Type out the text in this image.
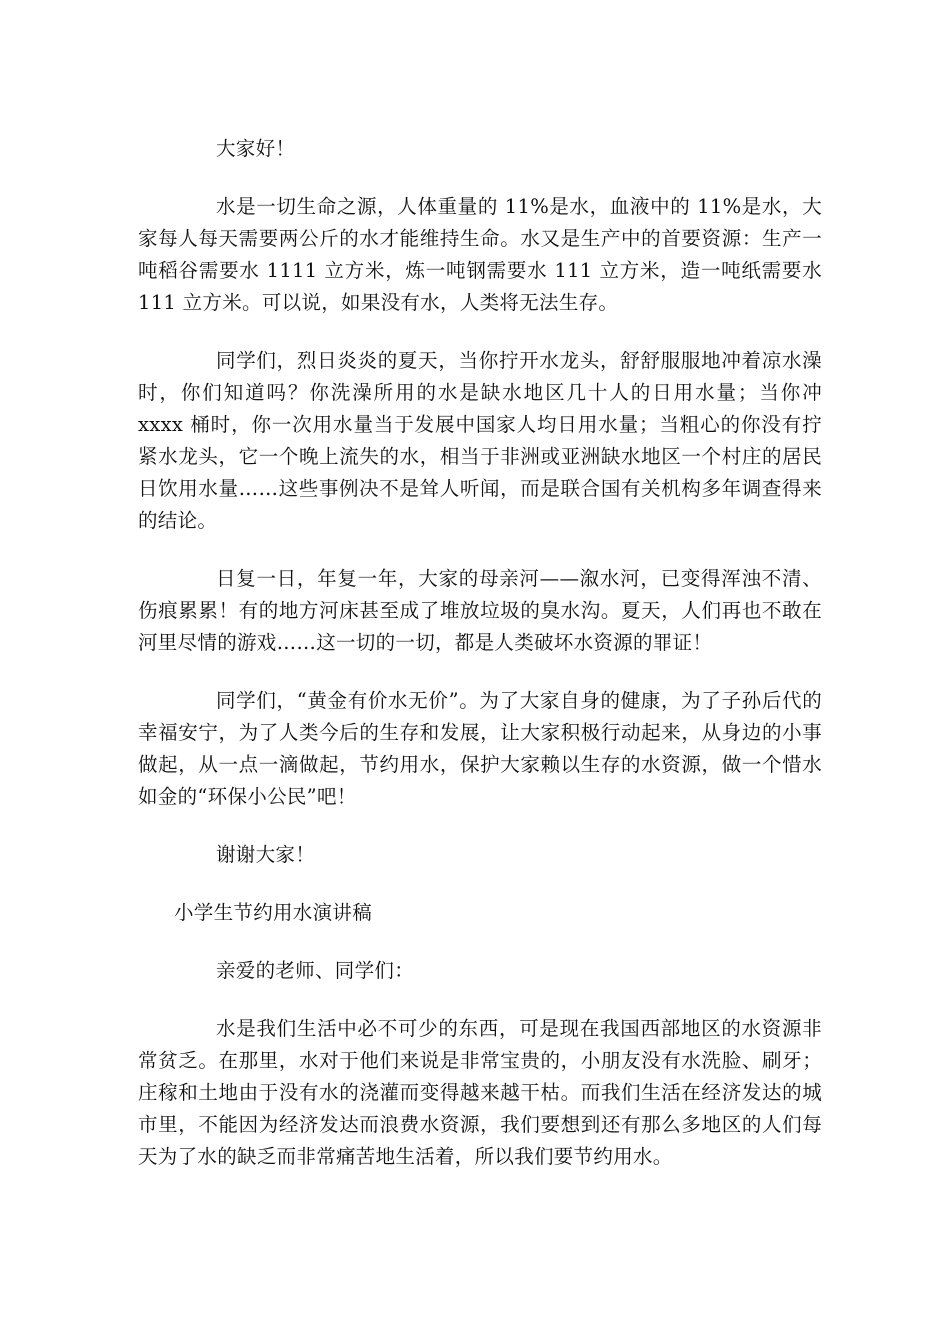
大家好！

水是一切生命之源，人体重量的 11%是水，血液中的 11%是水，大家每人每天需要两公斤的水才能维持生命。水又是生产中的首要资源：生产一吨稻谷需要水 1111 立方米，炼一吨钢需要水 111 立方米，造一吨纸需要水 111 立方米。可以说，如果没有水，人类将无法生存。

同学们，烈日炎炎的夏天，当你拧开水龙头，舒舒服服地冲着凉水澡时，你们知道吗？你洗澡所用的水是缺水地区几十人的日用水量；当你冲 xxxx 桶时，你一次用水量当于发展中国家人均日用水量；当粗心的你没有拧紧水龙头，它一个晚上流失的水，相当于非洲或亚洲缺水地区一个村庄的居民日饮用水量……这些事例决不是耸人听闻，而是联合国有关机构多年调查得来的结论。

日复一日，年复一年，大家的母亲河——溆水河，已变得浑浊不清、伤痕累累！有的地方河床甚至成了堆放垃圾的臭水沟。夏天，人们再也不敢在河里尽情的游戏……这一切的一切，都是人类破坏水资源的罪证！

同学们，“黄金有价水无价”。为了大家自身的健康，为了子孙后代的幸福安宁，为了人类今后的生存和发展，让大家积极行动起来，从身边的小事做起，从一点一滴做起，节约用水，保护大家赖以生存的水资源，做一个惜水如金的“环保小公民”吧！

谢谢大家！

小学生节约用水演讲稿

亲爱的老师、同学们：

水是我们生活中必不可少的东西，可是现在我国西部地区的水资源非常贫乏。在那里，水对于他们来说是非常宝贵的，小朋友没有水洗脸、刷牙；庄稼和土地由于没有水的浇灌而变得越来越干枯。而我们生活在经济发达的城市里，不能因为经济发达而浪费水资源，我们要想到还有那么多地区的人们每天为了水的缺乏而非常痛苦地生活着，所以我们要节约用水。
